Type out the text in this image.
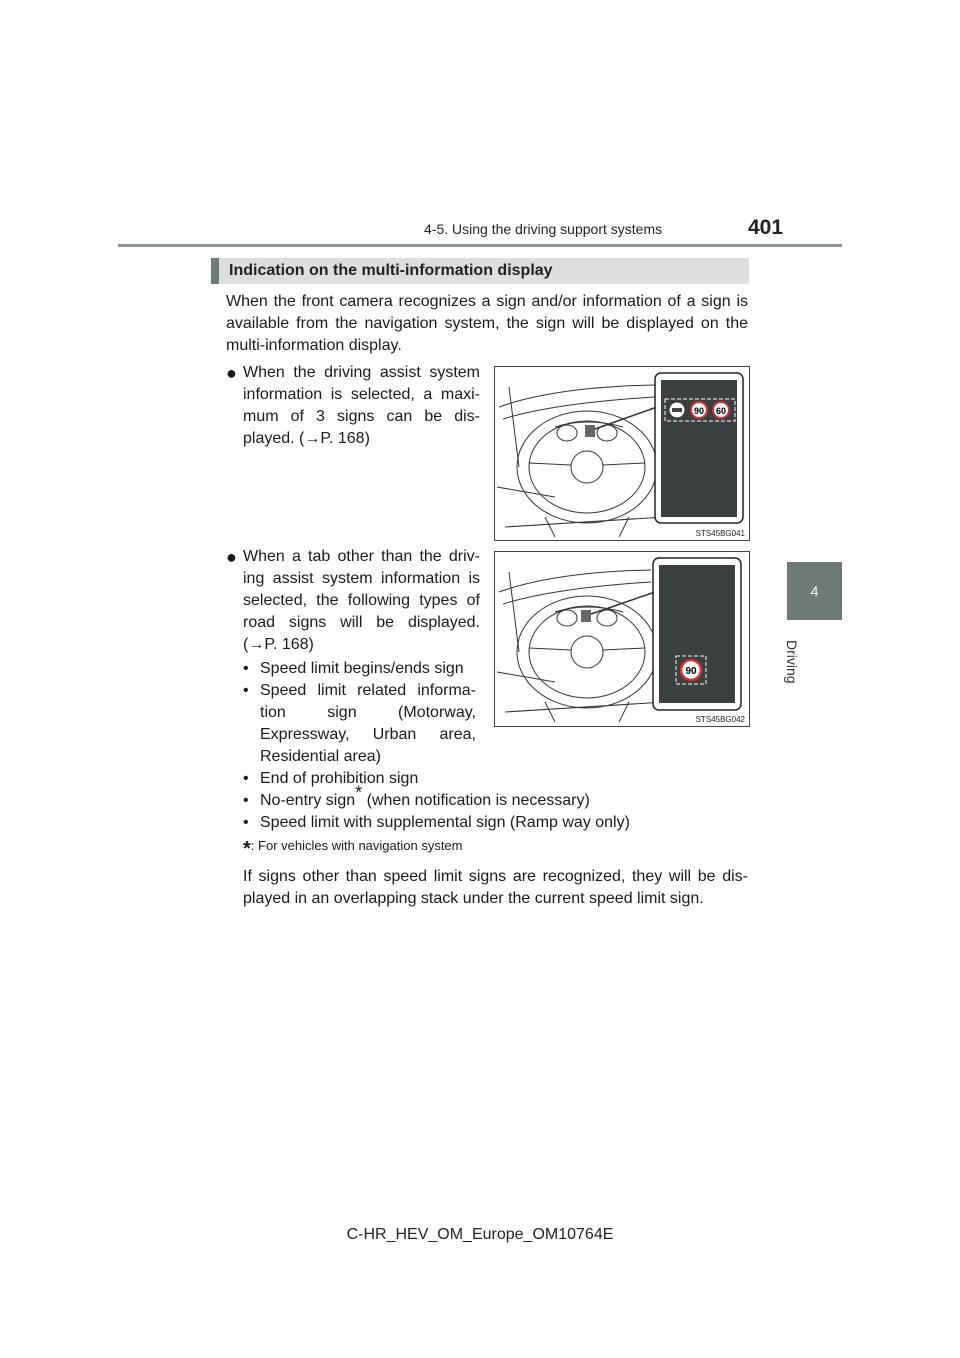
4-5. Using the driving support systems	401
4
Driving
Indication on the multi-information display
When the front camera recognizes a sign and/or information of a sign is available from the navigation system, the sign will be displayed on the multi-information display.
● When the driving assist system information is selected, a maxi-mum of 3 signs can be dis-played. (→P. 168)
● When a tab other than the driv-ing assist system information is selected, the following types of road signs will be displayed. (→P. 168)
• Speed limit begins/ends sign
• Speed limit related informa-tion sign (Motorway, Expressway, Urban area, Residential area)
• End of prohibition sign
• No-entry sign* (when notification is necessary)
• Speed limit with supplemental sign (Ramp way only)
*: For vehicles with navigation system
If signs other than speed limit signs are recognized, they will be dis-played in an overlapping stack under the current speed limit sign.
90 60
STS45BG041
90
STS45BG042
C-HR_HEV_OM_Europe_OM10764E
